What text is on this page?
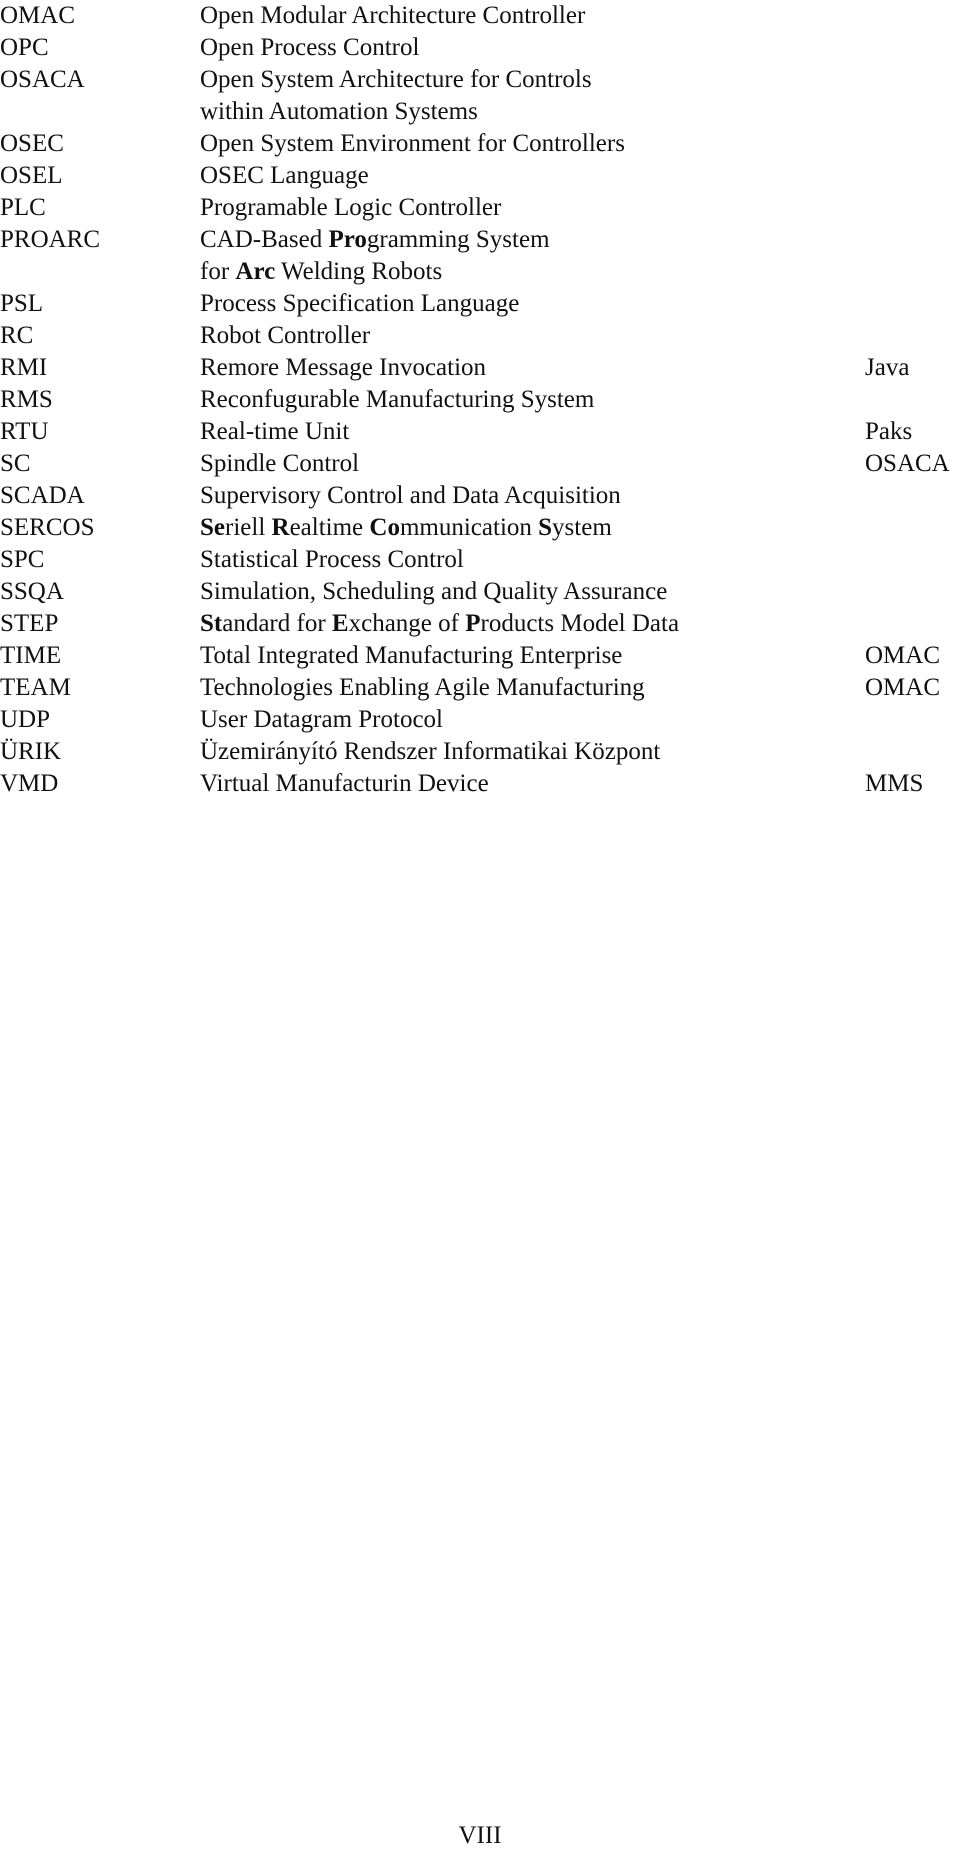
OMAC	Open Modular Architecture Controller
OPC	Open Process Control
OSACA	Open System Architecture for Controls
within Automation Systems
OSEC	Open System Environment for Controllers
OSEL	OSEC Language
PLC	Programable Logic Controller
PROARC	CAD-Based Programming System
for Arc Welding Robots
PSL	Process Specification Language
RC	Robot Controller
RMI	Remore Message Invocation	Java
RMS	Reconfugurable Manufacturing System
RTU	Real-time Unit	Paks
SC	Spindle Control	OSACA
SCADA	Supervisory Control and Data Acquisition
SERCOS	Seriell Realtime Communication System
SPC	Statistical Process Control
SSQA	Simulation, Scheduling and Quality Assurance
STEP	Standard for Exchange of Products Model Data
TIME	Total Integrated Manufacturing Enterprise	OMAC
TEAM	Technologies Enabling Agile Manufacturing	OMAC
UDP	User Datagram Protocol
ÜRIK	Üzemirányító Rendszer Informatikai Központ
VMD	Virtual Manufacturin Device	MMS
VIII
